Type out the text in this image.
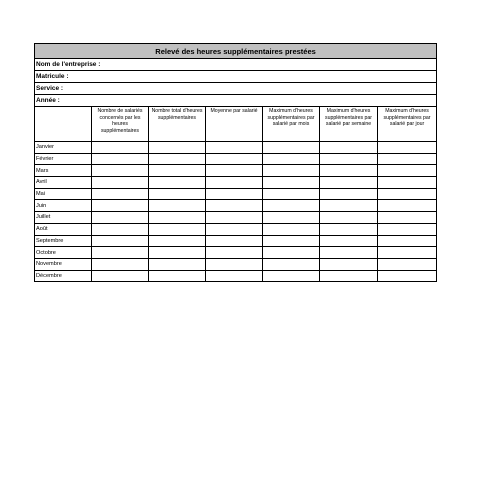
Relevé des heures supplémentaires prestées						
Nom de l'entreprise :						
Matricule :						
Service :						
Année :						
	Nombre de salariés concernés par les heures supplémentaires	Nombre total d'heures supplémentaires	Moyenne par salarié	Maximum d'heures supplémentaires par salarié par mois	Maximum d'heures supplémentaires par salarié par semaine	Maximum d'heures supplémentaires par salarié par jour
Janvier						
Février						
Mars						
Avril						
Mai						
Juin						
Juillet						
Août						
Septembre						
Octobre						
Novembre						
Décembre						
